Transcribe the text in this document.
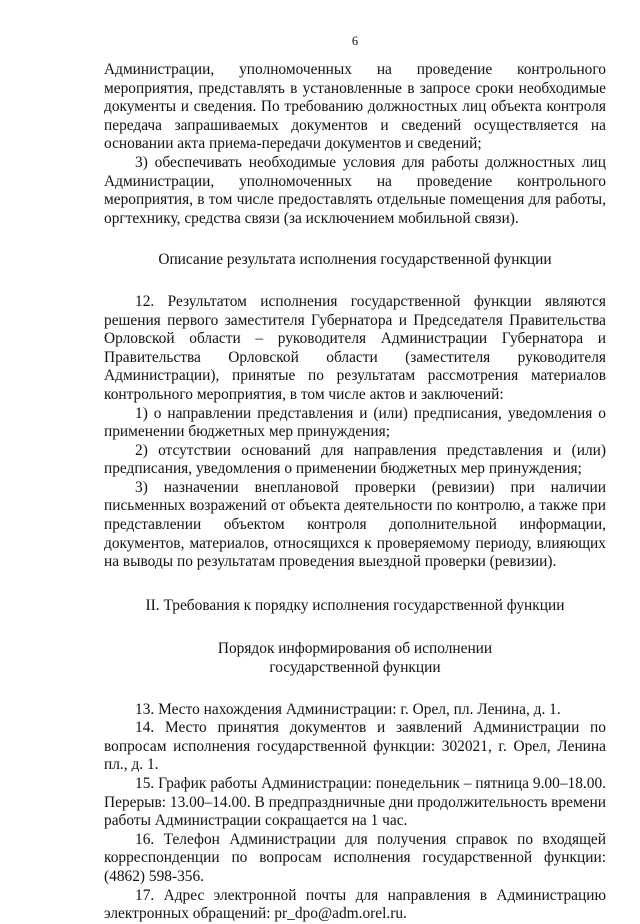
6

Администрации, уполномоченных на проведение контрольного мероприятия, представлять в установленные в запросе сроки необходимые документы и сведения. По требованию должностных лиц объекта контроля передача запрашиваемых документов и сведений осуществляется на основании акта приема-передачи документов и сведений;

3) обеспечивать необходимые условия для работы должностных лиц Администрации, уполномоченных на проведение контрольного мероприятия, в том числе предоставлять отдельные помещения для работы, оргтехнику, средства связи (за исключением мобильной связи).

Описание результата исполнения государственной функции

12. Результатом исполнения государственной функции являются решения первого заместителя Губернатора и Председателя Правительства Орловской области – руководителя Администрации Губернатора и Правительства Орловской области (заместителя руководителя Администрации), принятые по результатам рассмотрения материалов контрольного мероприятия, в том числе актов и заключений:

1) о направлении представления и (или) предписания, уведомления о применении бюджетных мер принуждения;

2) отсутствии оснований для направления представления и (или) предписания, уведомления о применении бюджетных мер принуждения;

3) назначении внеплановой проверки (ревизии) при наличии письменных возражений от объекта деятельности по контролю, а также при представлении объектом контроля дополнительной информации, документов, материалов, относящихся к проверяемому периоду, влияющих на выводы по результатам проведения выездной проверки (ревизии).

II. Требования к порядку исполнения государственной функции

Порядок информирования об исполнении

государственной функции

13. Место нахождения Администрации: г. Орел, пл. Ленина, д. 1.

14. Место принятия документов и заявлений Администрации по вопросам исполнения государственной функции: 302021, г. Орел, Ленина пл., д. 1.

15. График работы Администрации: понедельник – пятница 9.00–18.00. Перерыв: 13.00–14.00. В предпраздничные дни продолжительность времени работы Администрации сокращается на 1 час.

16. Телефон Администрации для получения справок по входящей корреспонденции по вопросам исполнения государственной функции: (4862) 598-356.

17. Адрес электронной почты для направления в Администрацию электронных обращений: pr_dpo@adm.orel.ru.
